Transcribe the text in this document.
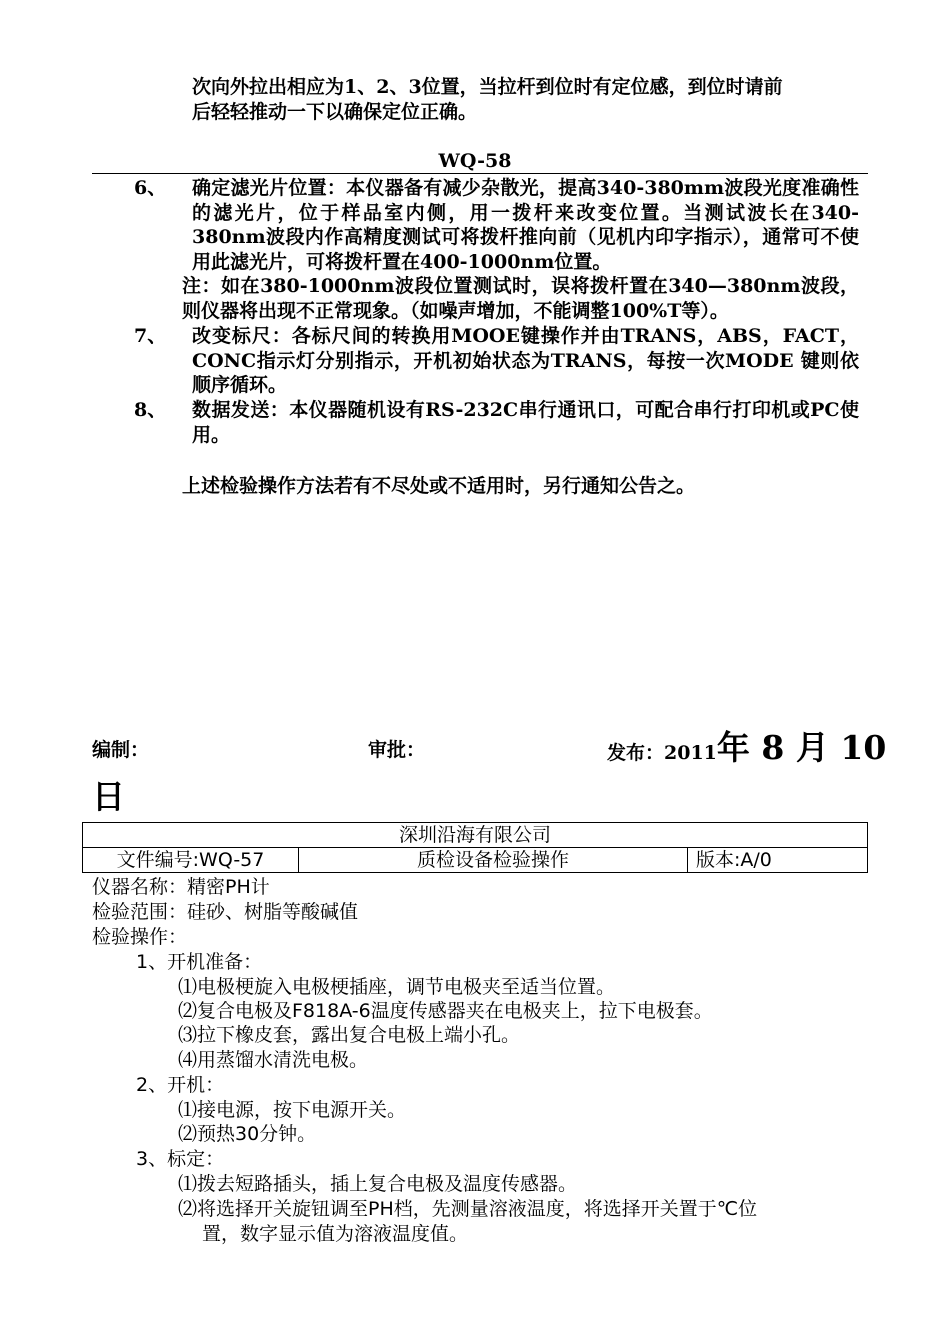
次向外拉出相应为1、2、3位置，当拉杆到位时有定位感，到位时请前
后轻轻推动一下以确保定位正确。
WQ-58
6、 确定滤光片位置：本仪器备有减少杂散光，提高340-380mm波段光度准确性的滤光片，位于样品室内侧，用一拨杆来改变位置。当测试波长在340-380nm波段内作高精度测试可将拨杆推向前（见机内印字指示），通常可不使用此滤光片，可将拨杆置在400-1000nm位置。
注：如在380-1000nm波段位置测试时，误将拨杆置在340—380nm波段，则仪器将出现不正常现象。（如噪声增加，不能调整100%T等）。
7、 改变标尺：各标尺间的转换用MOOE键操作并由TRANS，ABS，FACT，CONC指示灯分别指示，开机初始状态为TRANS，每按一次MODE 键则依顺序循环。
8、 数据发送：本仪器随机设有RS-232C串行通讯口，可配合串行打印机或PC使用。
上述检验操作方法若有不尽处或不适用时，另行通知公告之。
编制：	审批：	发布：2011年 8 月 10
日
深圳沿海有限公司
文件编号:WQ-57	质检设备检验操作	版本:A/0
仪器名称：精密PH计
检验范围：硅砂、树脂等酸碱值
检验操作：
1、开机准备：
⑴电极梗旋入电极梗插座，调节电极夹至适当位置。
⑵复合电极及F818A-6温度传感器夹在电极夹上，拉下电极套。
⑶拉下橡皮套，露出复合电极上端小孔。
⑷用蒸馏水清洗电极。
2、开机：
⑴接电源，按下电源开关。
⑵预热30分钟。
3、标定：
⑴拨去短路插头，插上复合电极及温度传感器。
⑵将选择开关旋钮调至PH档，先测量溶液温度，将选择开关置于℃位
置，数字显示值为溶液温度值。
